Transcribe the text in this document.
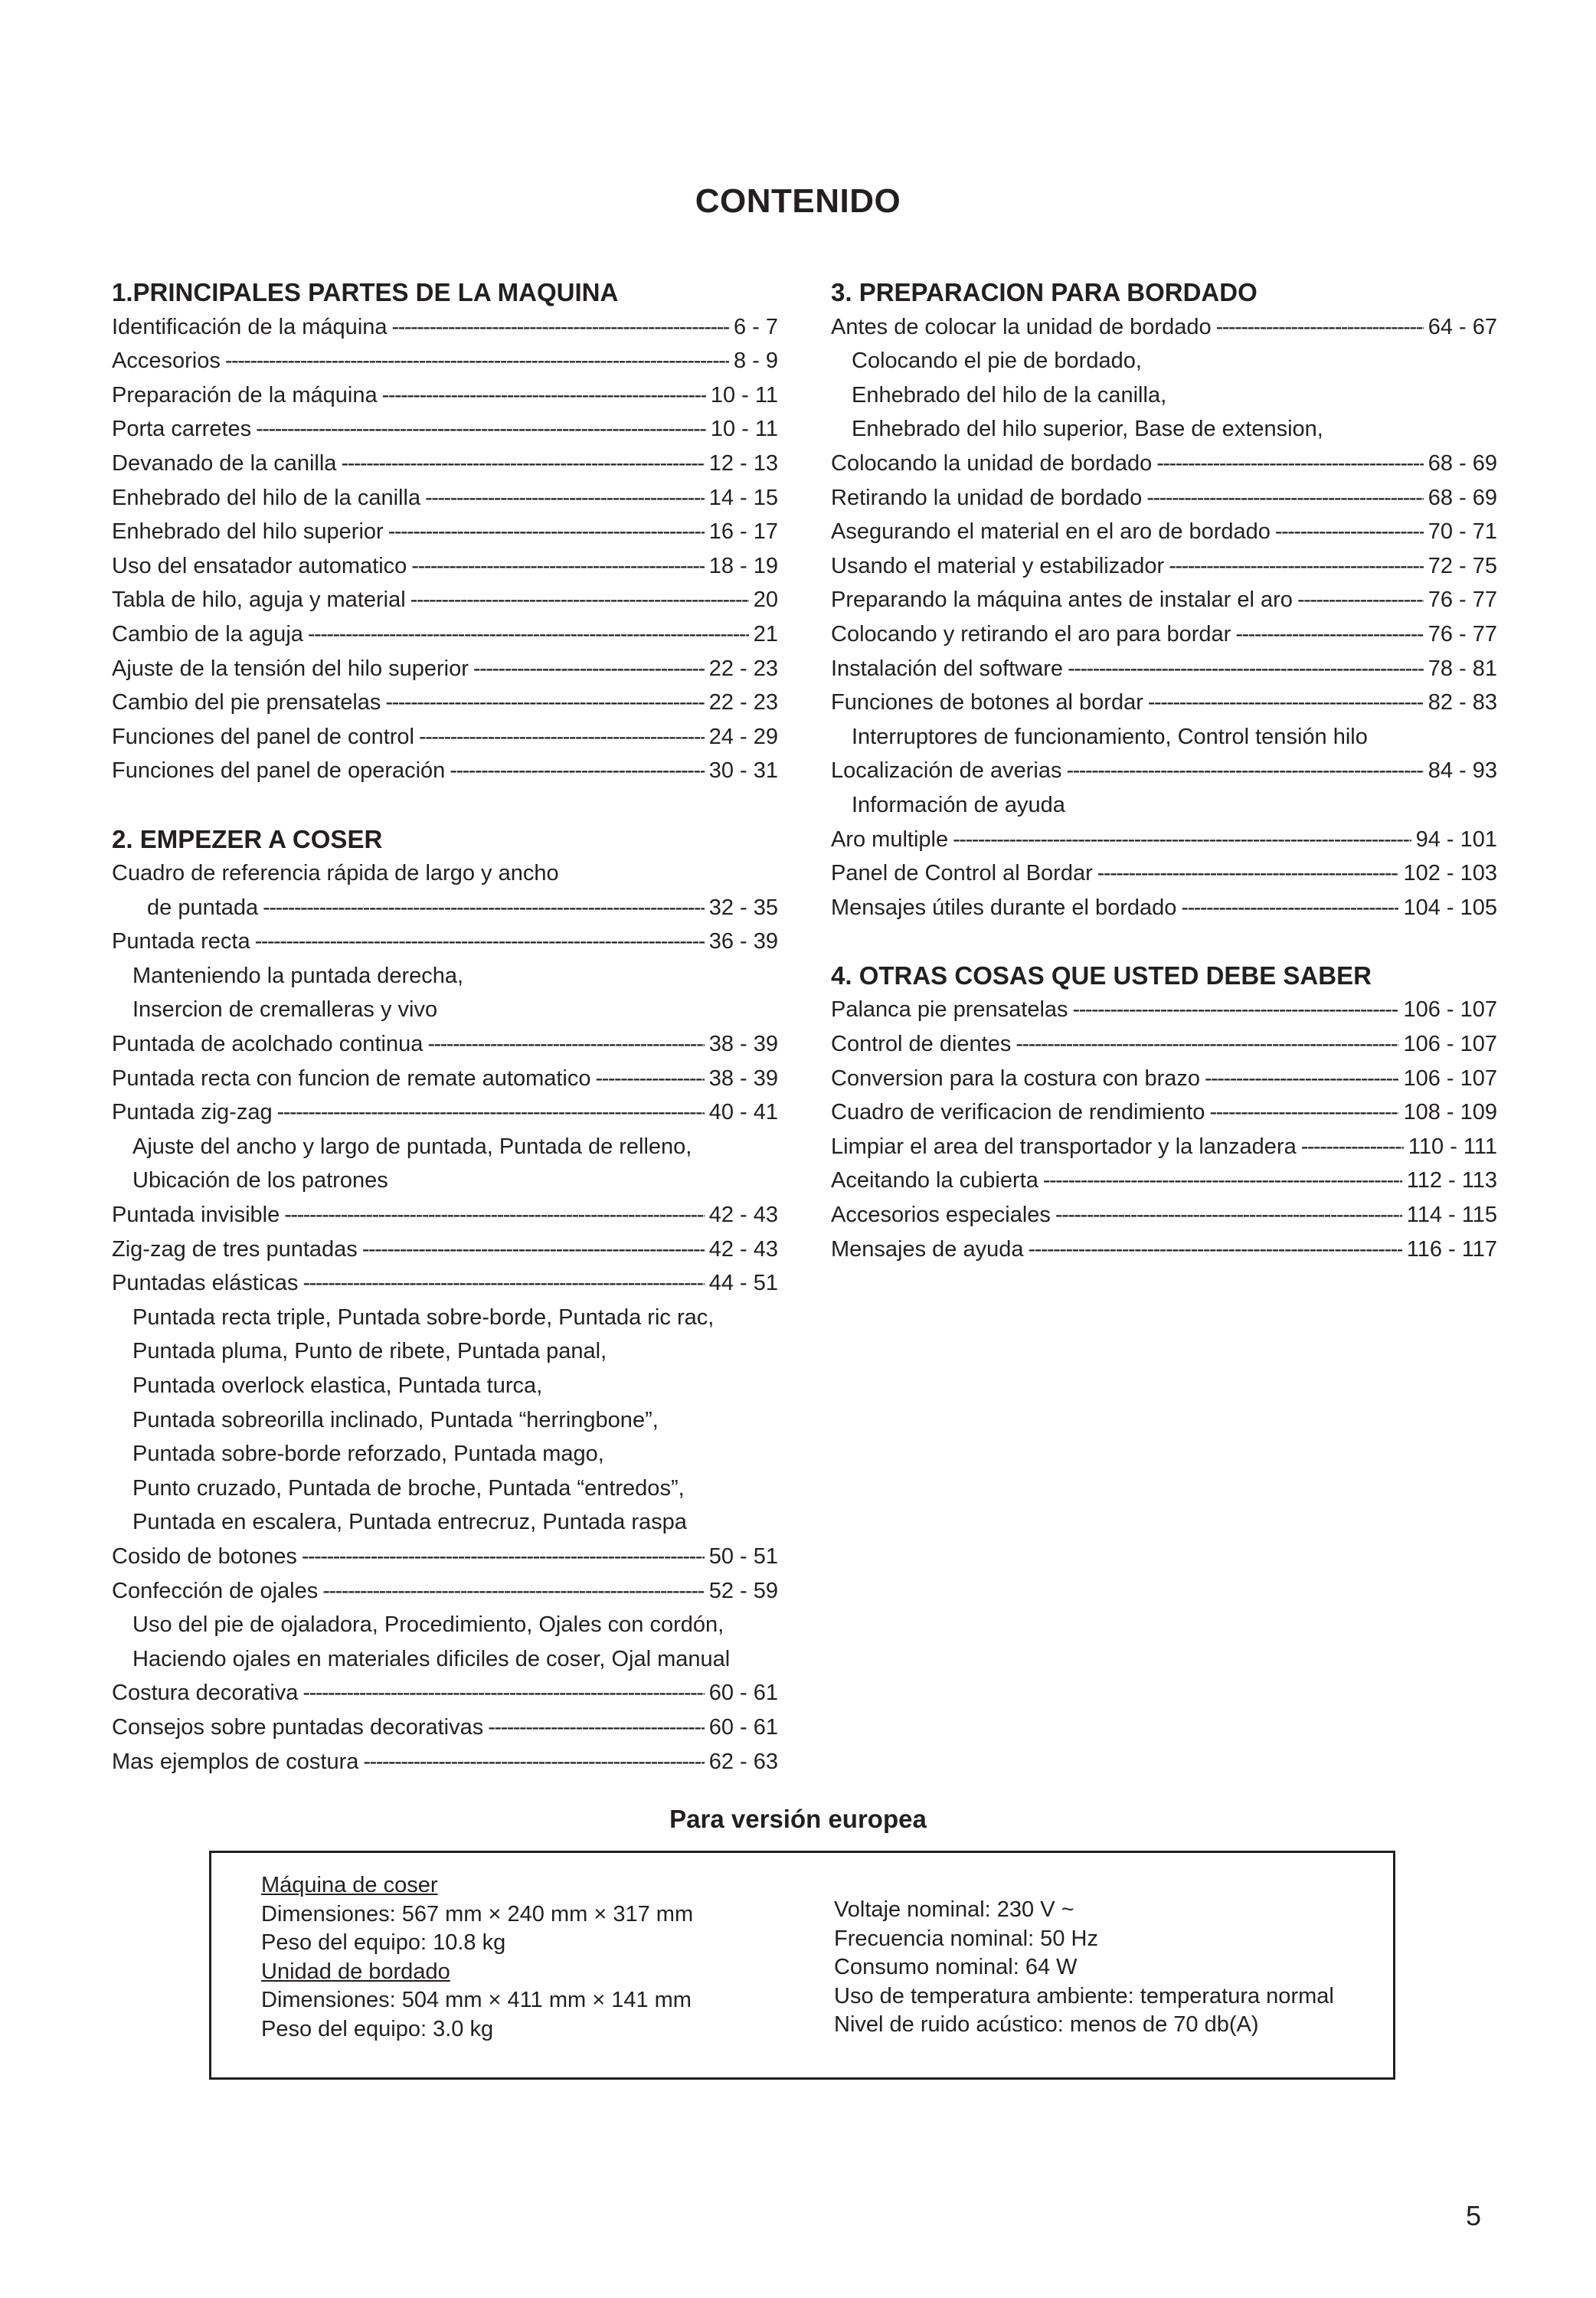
CONTENIDO
1.PRINCIPALES PARTES DE LA MAQUINA
Identificación de la máquina -----	6 - 7
Accesorios -----	8 - 9
Preparación de la máquina -----	10 - 11
Porta carretes -----	10 - 11
Devanado de la canilla -----	12 - 13
Enhebrado del hilo de la canilla -----	14 - 15
Enhebrado del hilo superior -----	16 - 17
Uso del ensatador automatico -----	18 - 19
Tabla de hilo, aguja y material -----	20
Cambio de la aguja -----	21
Ajuste de la tensión del hilo superior -----	22 - 23
Cambio del pie prensatelas -----	22 - 23
Funciones del panel de control -----	24 - 29
Funciones del panel de operación -----	30 - 31
2. EMPEZER A COSER
Cuadro de referencia rápida de largo y ancho
de puntada -----	32 - 35
Puntada recta -----	36 - 39
Manteniendo la puntada derecha,
Insercion de cremalleras y vivo
Puntada de acolchado continua -----	38 - 39
Puntada recta con funcion de remate automatico -----	38 - 39
Puntada zig-zag -----	40 - 41
Ajuste del ancho y largo de puntada, Puntada de relleno,
Ubicación de los patrones
Puntada invisible -----	42 - 43
Zig-zag de tres puntadas -----	42 - 43
Puntadas elásticas -----	44 - 51
Puntada recta triple, Puntada sobre-borde, Puntada ric rac,
Puntada pluma, Punto de ribete, Puntada panal,
Puntada overlock elastica, Puntada turca,
Puntada sobreorilla inclinado, Puntada “herringbone”,
Puntada sobre-borde reforzado, Puntada mago,
Punto cruzado, Puntada de broche, Puntada “entredos”,
Puntada en escalera, Puntada entrecruz, Puntada raspa
Cosido de botones -----	50 - 51
Confección de ojales -----	52 - 59
Uso del pie de ojaladora, Procedimiento, Ojales con cordón,
Haciendo ojales en materiales dificiles de coser, Ojal manual
Costura decorativa -----	60 - 61
Consejos sobre puntadas decorativas -----	60 - 61
Mas ejemplos de costura -----	62 - 63
3. PREPARACION PARA BORDADO
Antes de colocar la unidad de bordado -----	64 - 67
Colocando el pie de bordado,
Enhebrado del hilo de la canilla,
Enhebrado del hilo superior, Base de extension,
Colocando la unidad de bordado -----	68 - 69
Retirando la unidad de bordado -----	68 - 69
Asegurando el material en el aro de bordado -----	70 - 71
Usando el material y estabilizador -----	72 - 75
Preparando la máquina antes de instalar el aro -----	76 - 77
Colocando y retirando el aro para bordar -----	76 - 77
Instalación del software -----	78 - 81
Funciones de botones al bordar -----	82 - 83
Interruptores de funcionamiento, Control tensión hilo
Localización de averias -----	84 - 93
Información de ayuda
Aro multiple -----	94 - 101
Panel de Control al Bordar -----	102 - 103
Mensajes útiles durante el bordado -----	104 - 105
4. OTRAS COSAS QUE USTED DEBE SABER
Palanca pie prensatelas -----	106 - 107
Control de dientes -----	106 - 107
Conversion para la costura con brazo -----	106 - 107
Cuadro de verificacion de rendimiento -----	108 - 109
Limpiar el area del transportador y la lanzadera -----	110 - 111
Aceitando la cubierta -----	112 - 113
Accesorios especiales -----	114 - 115
Mensajes de ayuda -----	116 - 117
Para versión europea
Máquina de coser
Dimensiones: 567 mm × 240 mm × 317 mm
Peso del equipo: 10.8 kg
Unidad de bordado
Dimensiones: 504 mm × 411 mm × 141 mm
Peso del equipo: 3.0 kg
Voltaje nominal: 230 V ~
Frecuencia nominal: 50 Hz
Consumo nominal: 64 W
Uso de temperatura ambiente: temperatura normal
Nivel de ruido acústico: menos de 70 db(A)
5
